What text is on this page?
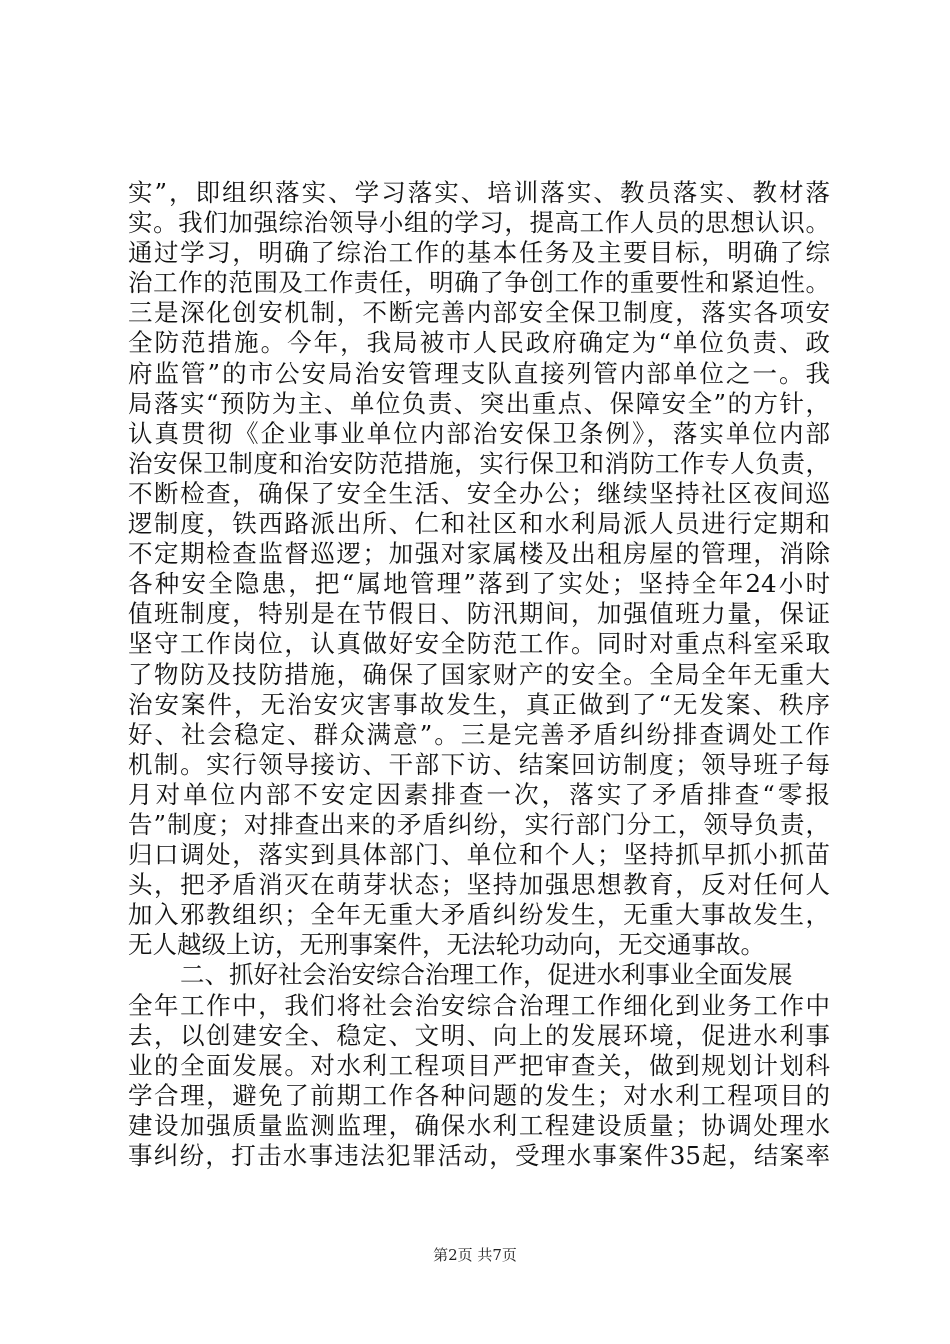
实”，即组织落实、学习落实、培训落实、教员落实、教材落
实。我们加强综治领导小组的学习，提高工作人员的思想认识。
通过学习，明确了综治工作的基本任务及主要目标，明确了综
治工作的范围及工作责任，明确了争创工作的重要性和紧迫性。
三是深化创安机制，不断完善内部安全保卫制度，落实各项安
全防范措施。今年，我局被市人民政府确定为“单位负责、政
府监管”的市公安局治安管理支队直接列管内部单位之一。我
局落实“预防为主、单位负责、突出重点、保障安全”的方针，
认真贯彻《企业事业单位内部治安保卫条例》，落实单位内部
治安保卫制度和治安防范措施，实行保卫和消防工作专人负责，
不断检查，确保了安全生活、安全办公；继续坚持社区夜间巡
逻制度，铁西路派出所、仁和社区和水利局派人员进行定期和
不定期检查监督巡逻；加强对家属楼及出租房屋的管理，消除
各种安全隐患，把“属地管理”落到了实处；坚持全年24小时
值班制度，特别是在节假日、防汛期间，加强值班力量，保证
坚守工作岗位，认真做好安全防范工作。同时对重点科室采取
了物防及技防措施，确保了国家财产的安全。全局全年无重大
治安案件，无治安灾害事故发生，真正做到了“无发案、秩序
好、社会稳定、群众满意”。三是完善矛盾纠纷排查调处工作
机制。实行领导接访、干部下访、结案回访制度；领导班子每
月对单位内部不安定因素排查一次，落实了矛盾排查“零报
告”制度；对排查出来的矛盾纠纷，实行部门分工，领导负责，
归口调处，落实到具体部门、单位和个人；坚持抓早抓小抓苗
头，把矛盾消灭在萌芽状态；坚持加强思想教育，反对任何人
加入邪教组织；全年无重大矛盾纠纷发生，无重大事故发生，
无人越级上访，无刑事案件，无法轮功动向，无交通事故。
二、抓好社会治安综合治理工作，促进水利事业全面发展
全年工作中，我们将社会治安综合治理工作细化到业务工作中
去，以创建安全、稳定、文明、向上的发展环境，促进水利事
业的全面发展。对水利工程项目严把审查关，做到规划计划科
学合理，避免了前期工作各种问题的发生；对水利工程项目的
建设加强质量监测监理，确保水利工程建设质量；协调处理水
事纠纷，打击水事违法犯罪活动，受理水事案件35起，结案率
第2页 共7页
